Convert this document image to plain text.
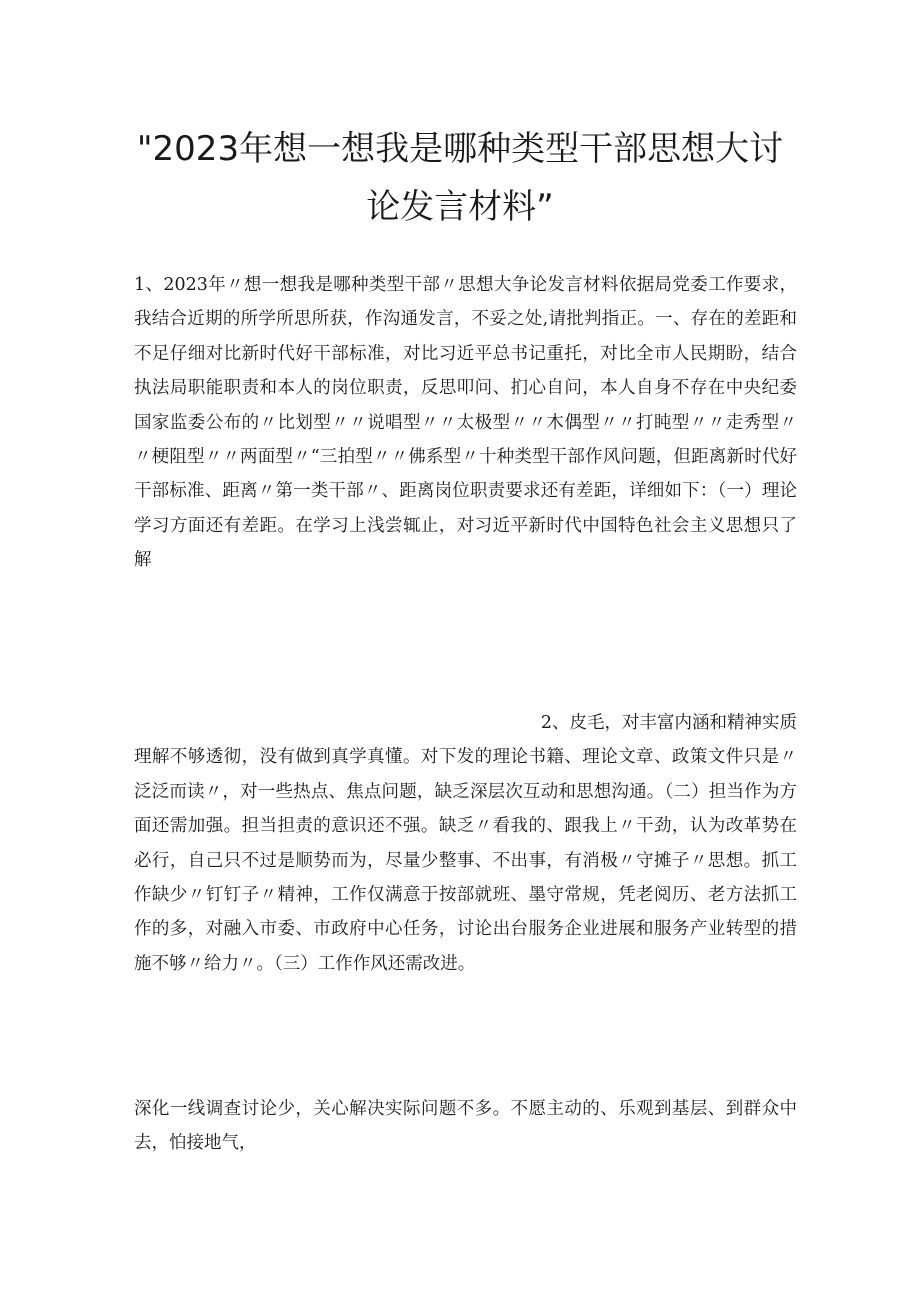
"2023年想一想我是哪种类型干部思想大讨论发言材料”

1、2023年〃想一想我是哪种类型干部〃思想大争论发言材料依据局党委工作要求，我结合近期的所学所思所获，作沟通发言，不妥之处,请批判指正。一、存在的差距和不足仔细对比新时代好干部标准，对比习近平总书记重托，对比全市人民期盼，结合执法局职能职责和本人的岗位职责，反思叩问、扪心自问，本人自身不存在中央纪委国家监委公布的〃比划型〃〃说唱型〃〃太极型〃〃木偶型〃〃打盹型〃〃走秀型〃〃梗阻型〃〃两面型〃“三拍型〃〃佛系型〃十种类型干部作风问题，但距离新时代好干部标准、距离〃第一类干部〃、距离岗位职责要求还有差距，详细如下：（一）理论学习方面还有差距。在学习上浅尝辄止，对习近平新时代中国特色社会主义思想只了解

2、皮毛，对丰富内涵和精神实质
理解不够透彻，没有做到真学真懂。对下发的理论书籍、理论文章、政策文件只是〃泛泛而读〃，对一些热点、焦点问题，缺乏深层次互动和思想沟通。（二）担当作为方面还需加强。担当担责的意识还不强。缺乏〃看我的、跟我上〃干劲，认为改革势在必行，自己只不过是顺势而为，尽量少整事、不出事，有消极〃守摊子〃思想。抓工作缺少〃钉钉子〃精神，工作仅满意于按部就班、墨守常规，凭老阅历、老方法抓工作的多，对融入市委、市政府中心任务，讨论出台服务企业进展和服务产业转型的措施不够〃给力〃。（三）工作作风还需改进。

深化一线调查讨论少，关心解决实际问题不多。不愿主动的、乐观到基层、到群众中去，怕接地气，
